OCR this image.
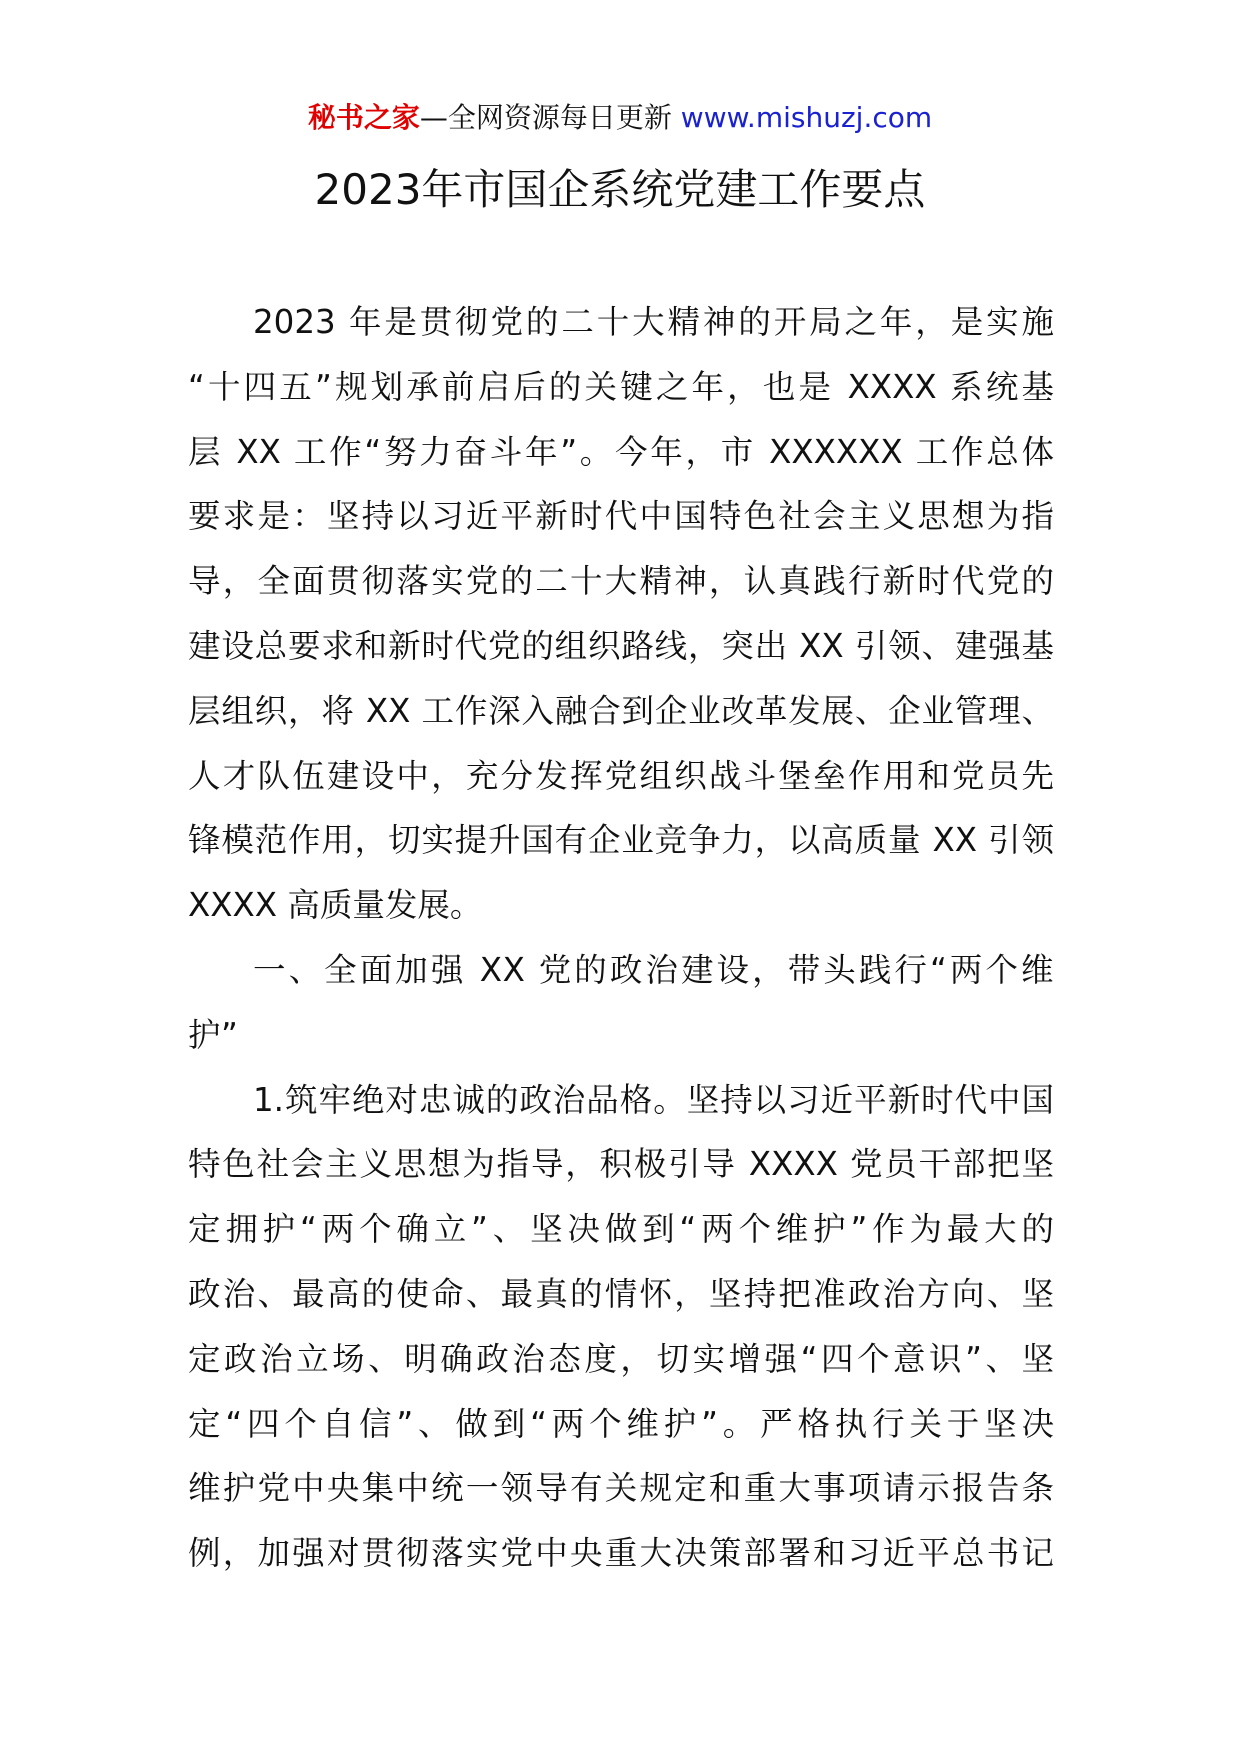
秘书之家—全网资源每日更新 www.mishuzj.com
2023年市国企系统党建工作要点
2023 年是贯彻党的二十大精神的开局之年，是实施
“十四五”规划承前启后的关键之年，也是 XXXX 系统基
层 XX 工作“努力奋斗年”。今年，市 XXXXXX 工作总体
要求是：坚持以习近平新时代中国特色社会主义思想为指
导，全面贯彻落实党的二十大精神，认真践行新时代党的
建设总要求和新时代党的组织路线，突出 XX 引领、建强基
层组织，将 XX 工作深入融合到企业改革发展、企业管理、
人才队伍建设中，充分发挥党组织战斗堡垒作用和党员先
锋模范作用，切实提升国有企业竞争力，以高质量 XX 引领
XXXX 高质量发展。
一、全面加强 XX 党的政治建设，带头践行“两个维
护”
1.筑牢绝对忠诚的政治品格。坚持以习近平新时代中国
特色社会主义思想为指导，积极引导 XXXX 党员干部把坚
定拥护“两个确立”、坚决做到“两个维护”作为最大的
政治、最高的使命、最真的情怀，坚持把准政治方向、坚
定政治立场、明确政治态度，切实增强“四个意识”、坚
定“四个自信”、做到“两个维护”。严格执行关于坚决
维护党中央集中统一领导有关规定和重大事项请示报告条
例，加强对贯彻落实党中央重大决策部署和习近平总书记
